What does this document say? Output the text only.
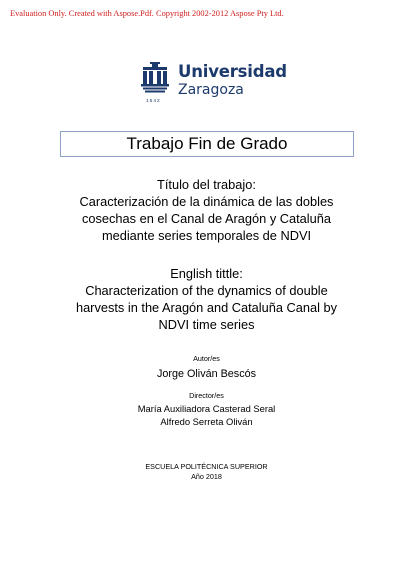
Evaluation Only. Created with Aspose.Pdf. Copyright 2002-2012 Aspose Pty Ltd.
1542
Universidad
Zaragoza
Trabajo Fin de Grado
Título del trabajo:
Caracterización de la dinámica de las dobles
cosechas en el Canal de Aragón y Cataluña
mediante series temporales de NDVI
English tittle:
Characterization of the dynamics of double
harvests in the Aragón and Cataluña Canal by
NDVI time series
Autor/es
Jorge Oliván Bescós
Director/es
María Auxiliadora Casterad Seral
Alfredo Serreta Oliván
ESCUELA POLITÉCNICA SUPERIOR
Año 2018
